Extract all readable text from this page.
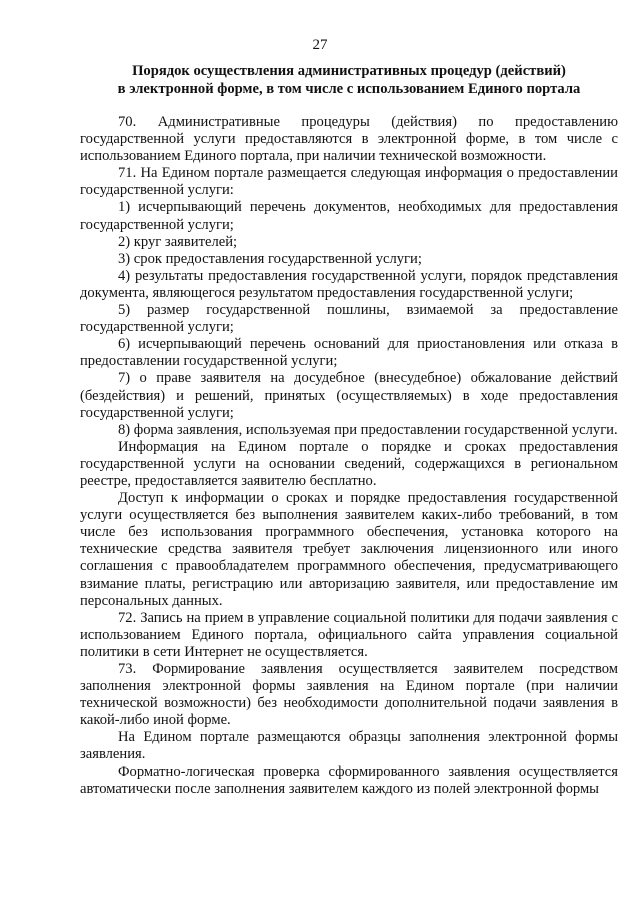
27
Порядок осуществления административных процедур (действий)
в электронной форме, в том числе с использованием Единого портала

70. Административные процедуры (действия) по предоставлению государственной услуги предоставляются в электронной форме, в том числе с использованием Единого портала, при наличии технической возможности.

71. На Едином портале размещается следующая информация о предоставлении государственной услуги:

1) исчерпывающий перечень документов, необходимых для предоставления государственной услуги;

2) круг заявителей;

3) срок предоставления государственной услуги;

4) результаты предоставления государственной услуги, порядок представления документа, являющегося результатом предоставления государственной услуги;

5) размер государственной пошлины, взимаемой за предоставление государственной услуги;

6) исчерпывающий перечень оснований для приостановления или отказа в предоставлении государственной услуги;

7) о праве заявителя на досудебное (внесудебное) обжалование действий (бездействия) и решений, принятых (осуществляемых) в ходе предоставления государственной услуги;

8) форма заявления, используемая при предоставлении государственной услуги.

Информация на Едином портале о порядке и сроках предоставления государственной услуги на основании сведений, содержащихся в региональном реестре, предоставляется заявителю бесплатно.

Доступ к информации о сроках и порядке предоставления государственной услуги осуществляется без выполнения заявителем каких-либо требований, в том числе без использования программного обеспечения, установка которого на технические средства заявителя требует заключения лицензионного или иного соглашения с правообладателем программного обеспечения, предусматривающего взимание платы, регистрацию или авторизацию заявителя, или предоставление им персональных данных.

72. Запись на прием в управление социальной политики для подачи заявления с использованием Единого портала, официального сайта управления социальной политики в сети Интернет не осуществляется.

73. Формирование заявления осуществляется заявителем посредством заполнения электронной формы заявления на Едином портале (при наличии технической возможности) без необходимости дополнительной подачи заявления в какой-либо иной форме.

На Едином портале размещаются образцы заполнения электронной формы заявления.

Форматно-логическая проверка сформированного заявления осуществляется автоматически после заполнения заявителем каждого из полей электронной формы
